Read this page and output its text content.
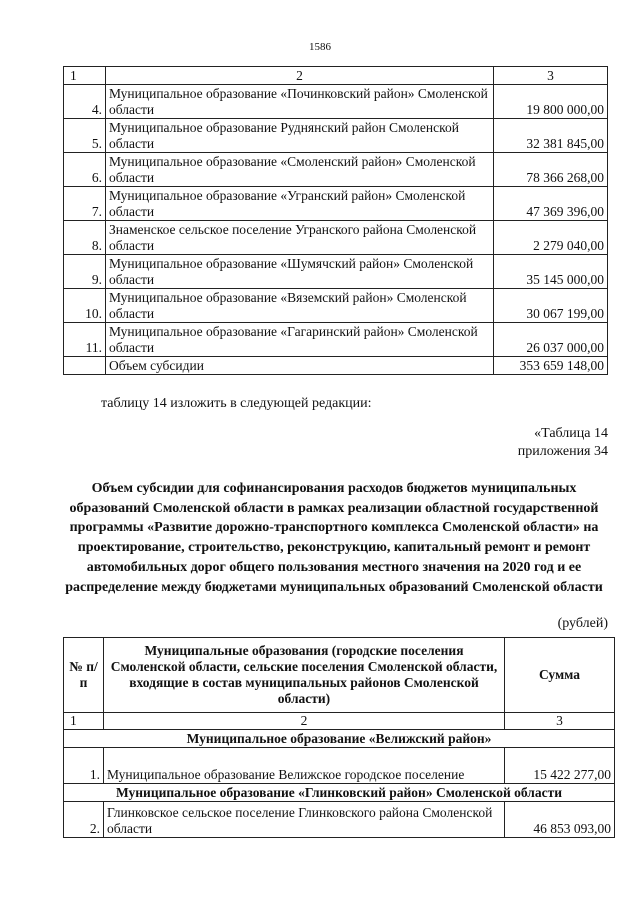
1586
1	2	3
4.	Муниципальное образование «Починковский район» Смоленской области	19 800 000,00
5.	Муниципальное образование Руднянский район Смоленской области	32 381 845,00
6.	Муниципальное образование «Смоленский район» Смоленской области	78 366 268,00
7.	Муниципальное образование «Угранский район» Смоленской области	47 369 396,00
8.	Знаменское сельское поселение Угранского района Смоленской области	2 279 040,00
9.	Муниципальное образование «Шумячский район» Смоленской области	35 145 000,00
10.	Муниципальное образование «Вяземский район» Смоленской области	30 067 199,00
11.	Муниципальное образование «Гагаринский район» Смоленской области	26 037 000,00
	Объем субсидии	353 659 148,00
таблицу 14 изложить в следующей редакции:
«Таблица 14
приложения 34
Объем субсидии для софинансирования расходов бюджетов муниципальных образований Смоленской области в рамках реализации областной государственной программы «Развитие дорожно-транспортного комплекса Смоленской области» на проектирование, строительство, реконструкцию, капитальный ремонт и ремонт автомобильных дорог общего пользования местного значения на 2020 год и ее распределение между бюджетами муниципальных образований Смоленской области
(рублей)
№ п/п	Муниципальные образования (городские поселения Смоленской области, сельские поселения Смоленской области, входящие в состав муниципальных районов Смоленской области)	Сумма
1	2	3
Муниципальное образование «Велижский район»		
1.	Муниципальное образование Велижское городское поселение	15 422 277,00
Муниципальное образование «Глинковский район» Смоленской области		
2.	Глинковское сельское поселение Глинковского района Смоленской области	46 853 093,00
